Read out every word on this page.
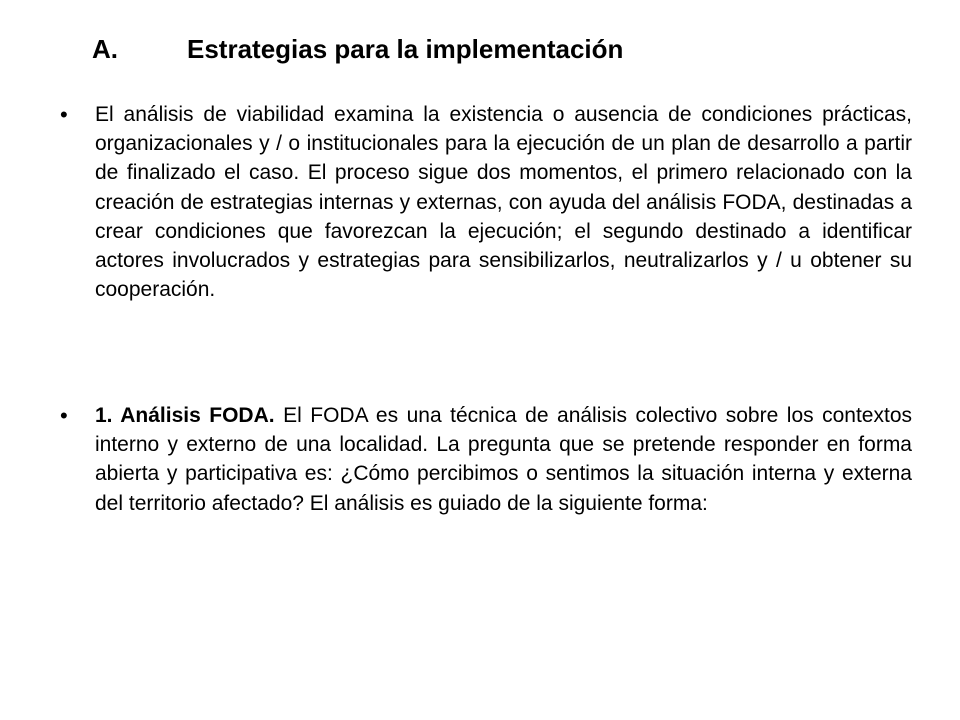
A.	Estrategias para la implementación
• El análisis de viabilidad examina la existencia o ausencia de condiciones prácticas, organizacionales y / o institucionales para la ejecución de un plan de desarrollo a partir de finalizado el caso. El proceso sigue dos momentos, el primero relacionado con la creación de estrategias internas y externas, con ayuda del análisis FODA, destinadas a crear condiciones que favorezcan la ejecución; el segundo destinado a identificar actores involucrados y estrategias para sensibilizarlos, neutralizarlos y / u obtener su cooperación.
• 1. Análisis FODA. El FODA es una técnica de análisis colectivo sobre los contextos interno y externo de una localidad. La pregunta que se pretende responder en forma abierta y participativa es: ¿Cómo percibimos o sentimos la situación interna y externa del territorio afectado? El análisis es guiado de la siguiente forma:
